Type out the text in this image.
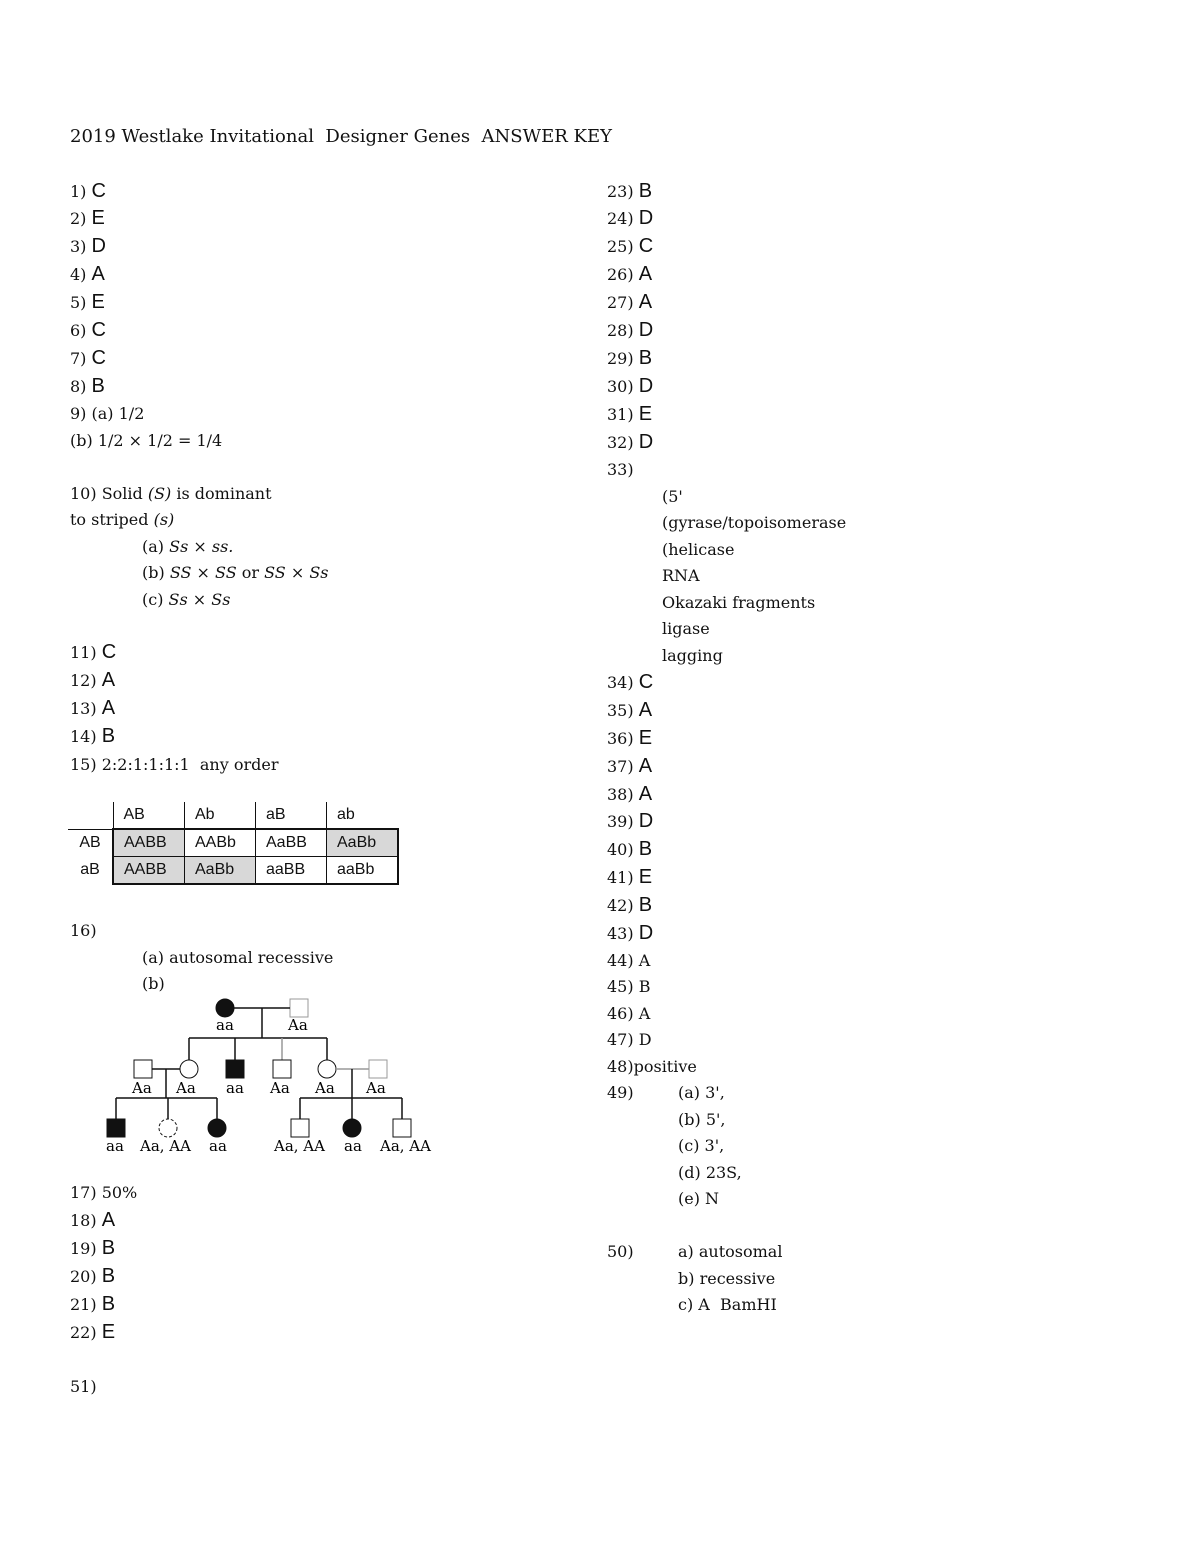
2019 Westlake Invitational  Designer Genes  ANSWER KEY
1) C
2) E
3) D
4) A
5) E
6) C
7) C
8) B
9) (a) 1/2
(b) 1/2 × 1/2 = 1/4
10) Solid (S) is dominant
to striped (s)
(a) Ss × ss.
(b) SS × SS or SS × Ss
(c) Ss × Ss
11) C
12) A
13) A
14) B
15) 2:2:1:1:1:1  any order
	AB	Ab	aB	ab
AB	AABB	AABb	AaBB	AaBb
aB	AABB	AaBb	aaBB	aaBb
16)
(a) autosomal recessive
(b)
aa	Aa
Aa Aa aa Aa Aa Aa
aa Aa, AA aa	Aa, AA aa Aa, AA
17) 50%
18) A
19) B
20) B
21) B
22) E
51)
23) B
24) D
25) C
26) A
27) A
28) D
29) B
30) D
31) E
32) D
33)
(5'
(gyrase/topoisomerase
(helicase
RNA
Okazaki fragments
ligase
lagging
34) C
35) A
36) E
37) A
38) A
39) D
40) B
41) E
42) B
43) D
44) A
45) B
46) A
47) D
48)positive
49)	(a) 3',
(b) 5',
(c) 3',
(d) 23S,
(e) N
50)	a) autosomal
b) recessive
c) A  BamHI
